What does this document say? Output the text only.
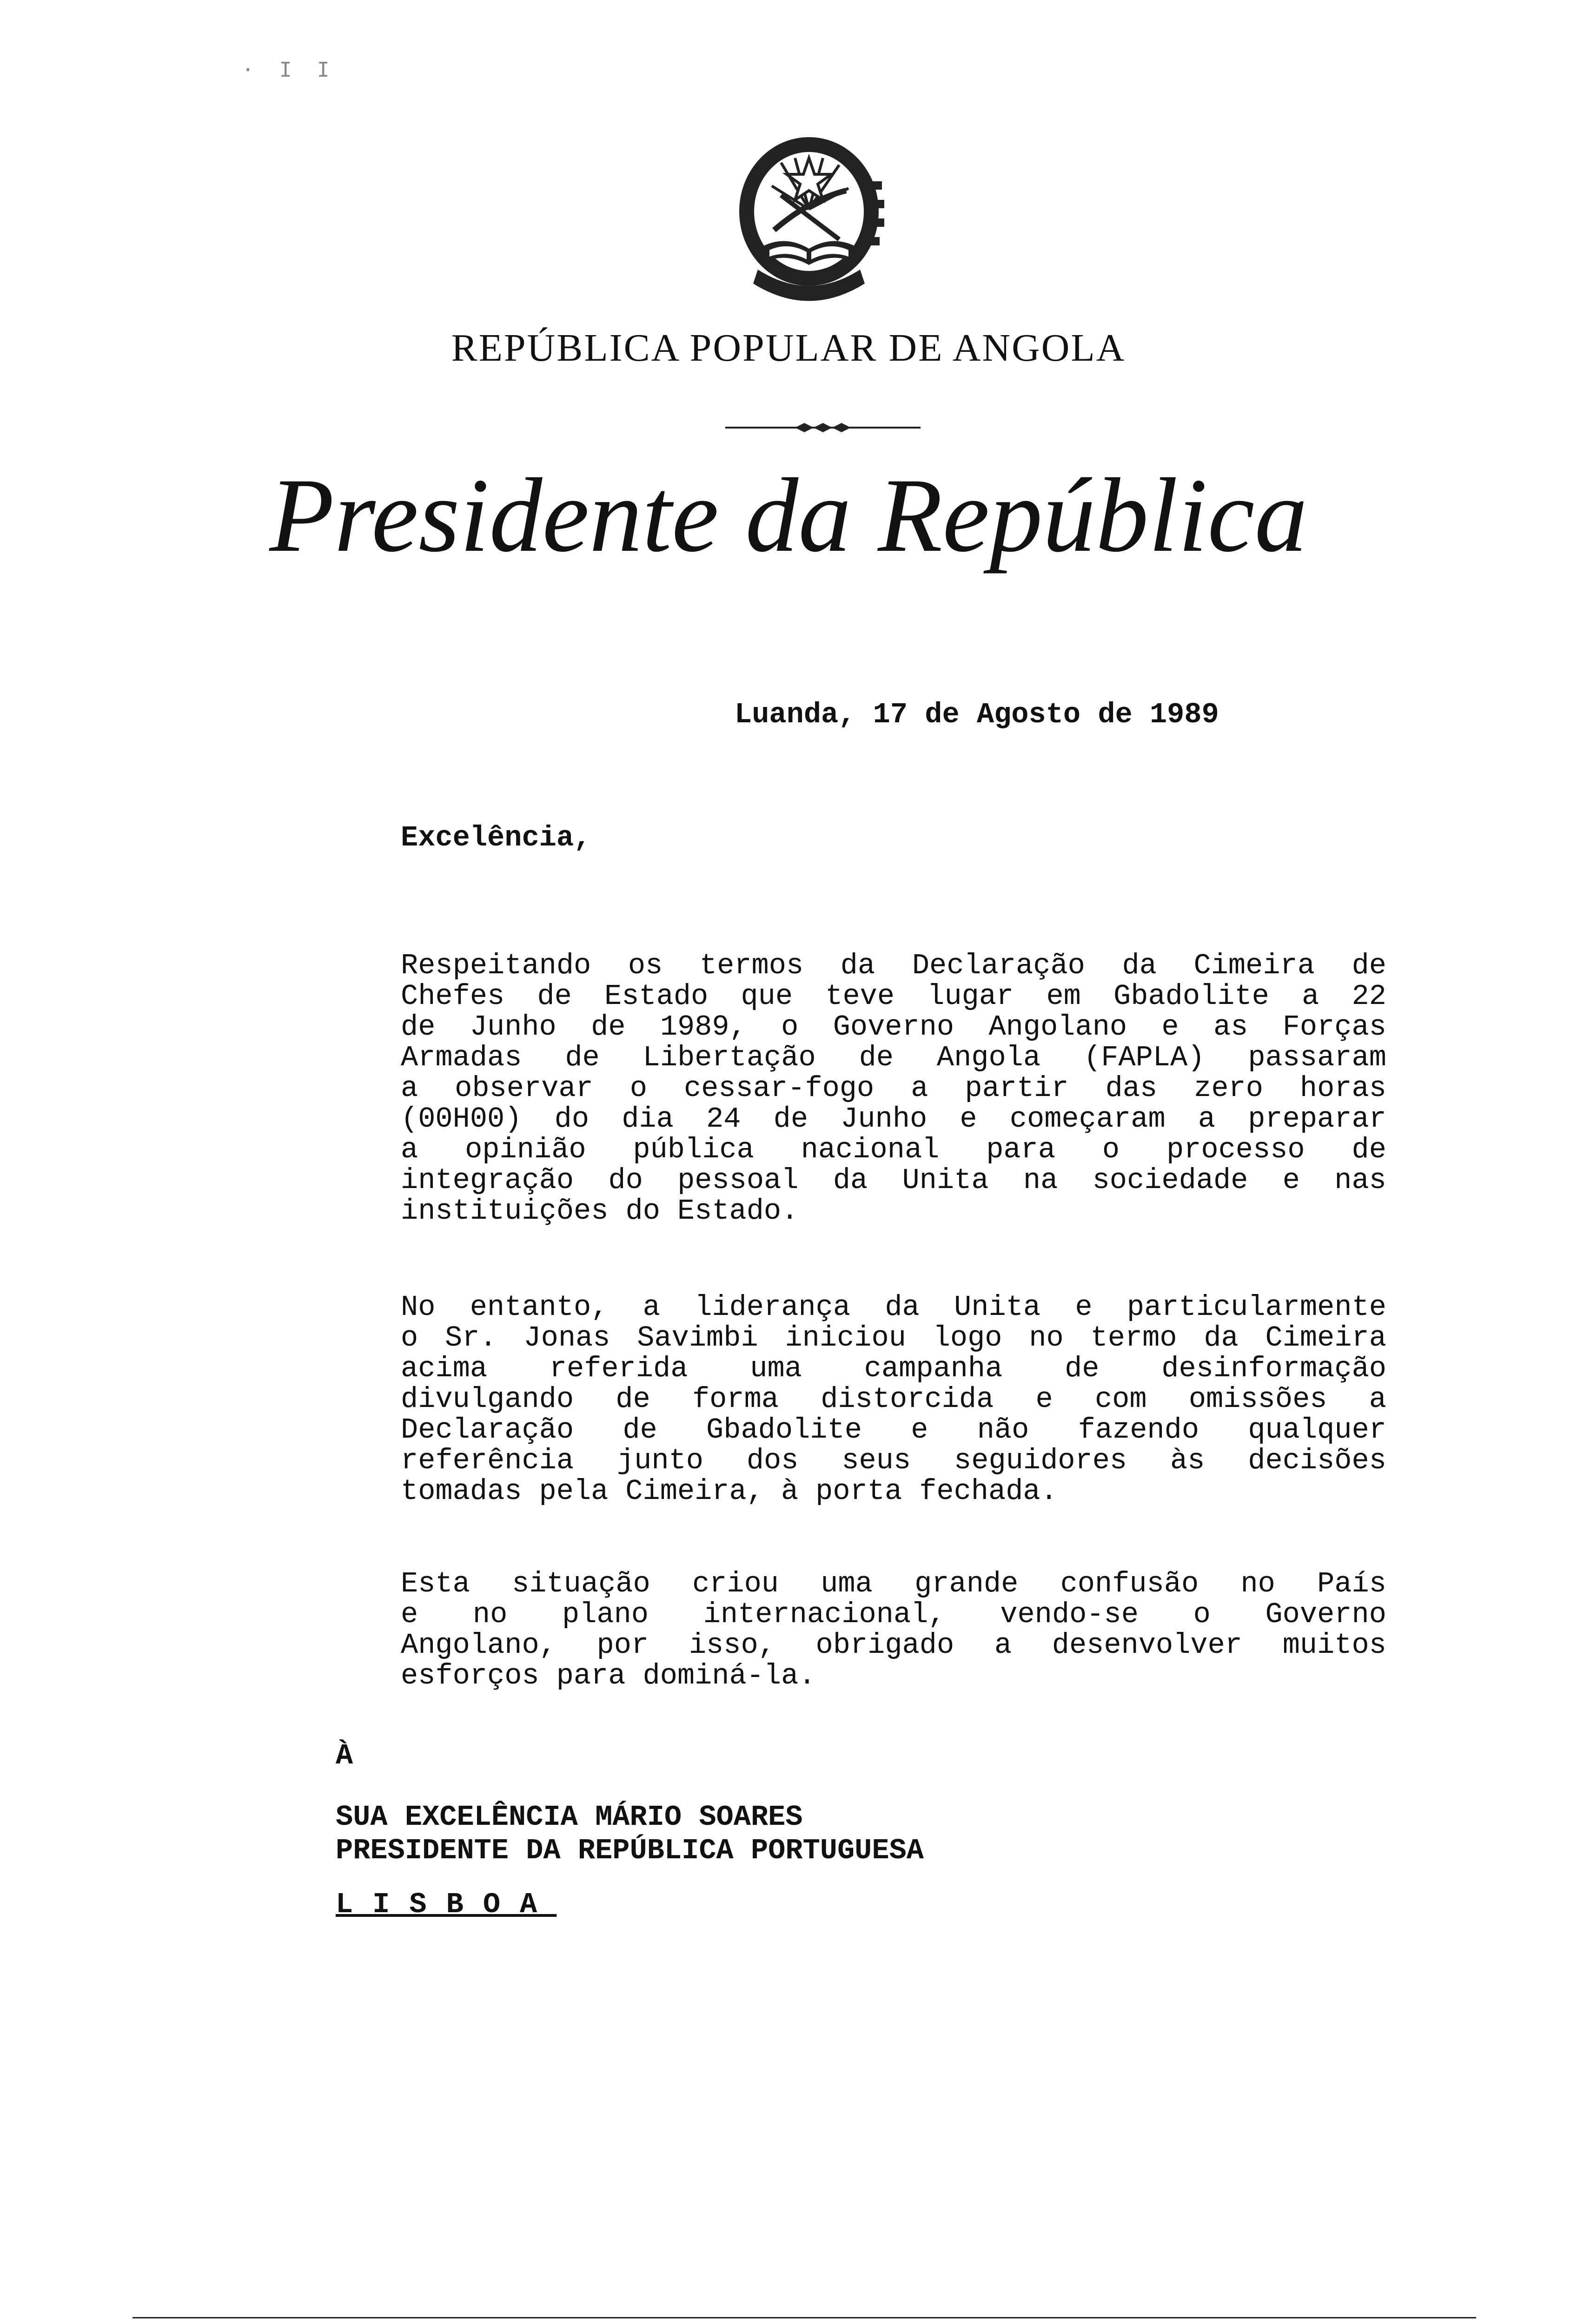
· I I
REPÚBLICA POPULAR DE ANGOLA
Presidente da República
Luanda, 17 de Agosto de 1989
Excelência,
Respeitando os termos da Declaração da Cimeira de
Chefes de Estado que teve lugar em Gbadolite a 22
de Junho de 1989, o Governo Angolano e as Forças
Armadas de Libertação de Angola (FAPLA) passaram
a observar o cessar-fogo a partir das zero horas
(00H00) do dia 24 de Junho e começaram a preparar
a opinião pública nacional para o processo de
integração do pessoal da Unita na sociedade e nas
instituições do Estado.
No entanto, a liderança da Unita e particularmente
o Sr. Jonas Savimbi iniciou logo no termo da Cimeira
acima referida uma campanha de desinformação
divulgando de forma distorcida e com omissões a
Declaração de Gbadolite e não fazendo qualquer
referência junto dos seus seguidores às decisões
tomadas pela Cimeira, à porta fechada.
Esta situação criou uma grande confusão no País
e no plano internacional, vendo-se o Governo
Angolano, por isso, obrigado a desenvolver muitos
esforços para dominá-la.
À
SUA EXCELÊNCIA MÁRIO SOARES
PRESIDENTE DA REPÚBLICA PORTUGUESA
LISBOA
